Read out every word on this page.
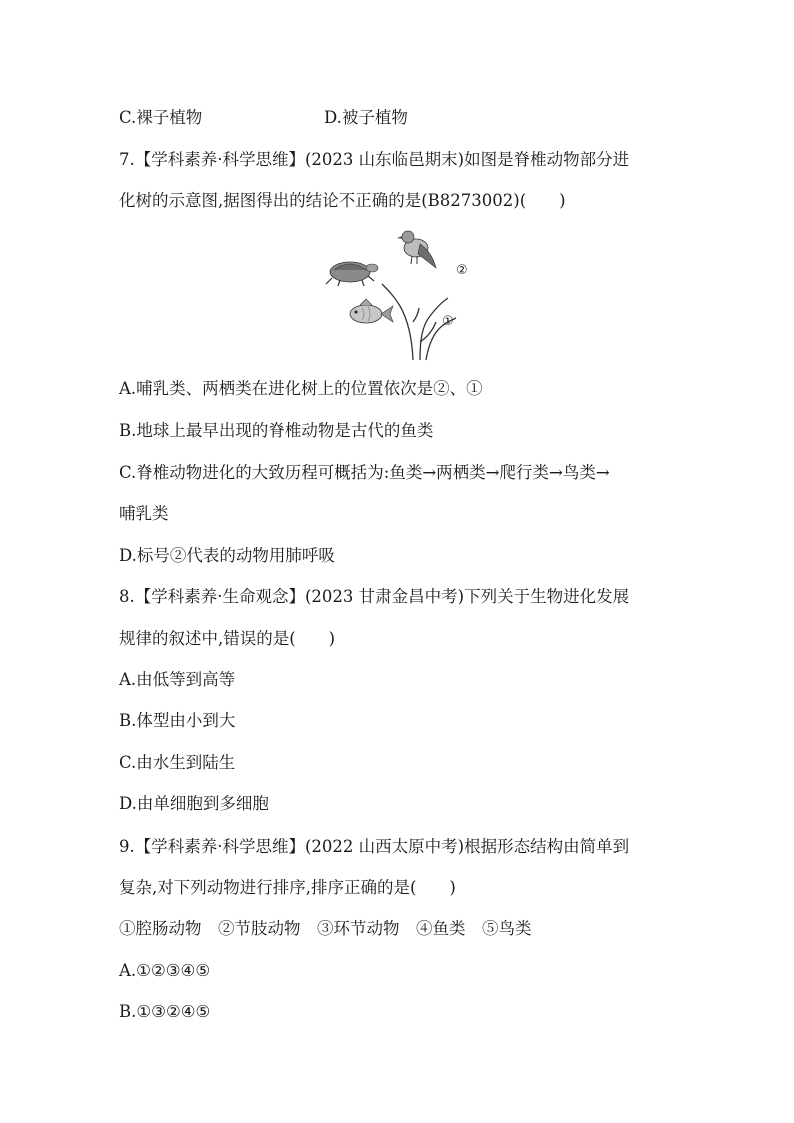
C.裸子植物	D.被子植物
7.【学科素养·科学思维】(2023 山东临邑期末)如图是脊椎动物部分进
化树的示意图,据图得出的结论不正确的是(B8273002)(　　)
②
①
A.哺乳类、两栖类在进化树上的位置依次是②、①
B.地球上最早出现的脊椎动物是古代的鱼类
C.脊椎动物进化的大致历程可概括为:鱼类→两栖类→爬行类→鸟类→
哺乳类
D.标号②代表的动物用肺呼吸
8.【学科素养·生命观念】(2023 甘肃金昌中考)下列关于生物进化发展
规律的叙述中,错误的是(　　)
A.由低等到高等
B.体型由小到大
C.由水生到陆生
D.由单细胞到多细胞
9.【学科素养·科学思维】(2022 山西太原中考)根据形态结构由简单到
复杂,对下列动物进行排序,排序正确的是(　　)
①腔肠动物　②节肢动物　③环节动物　④鱼类　⑤鸟类
A.①②③④⑤
B.①③②④⑤
